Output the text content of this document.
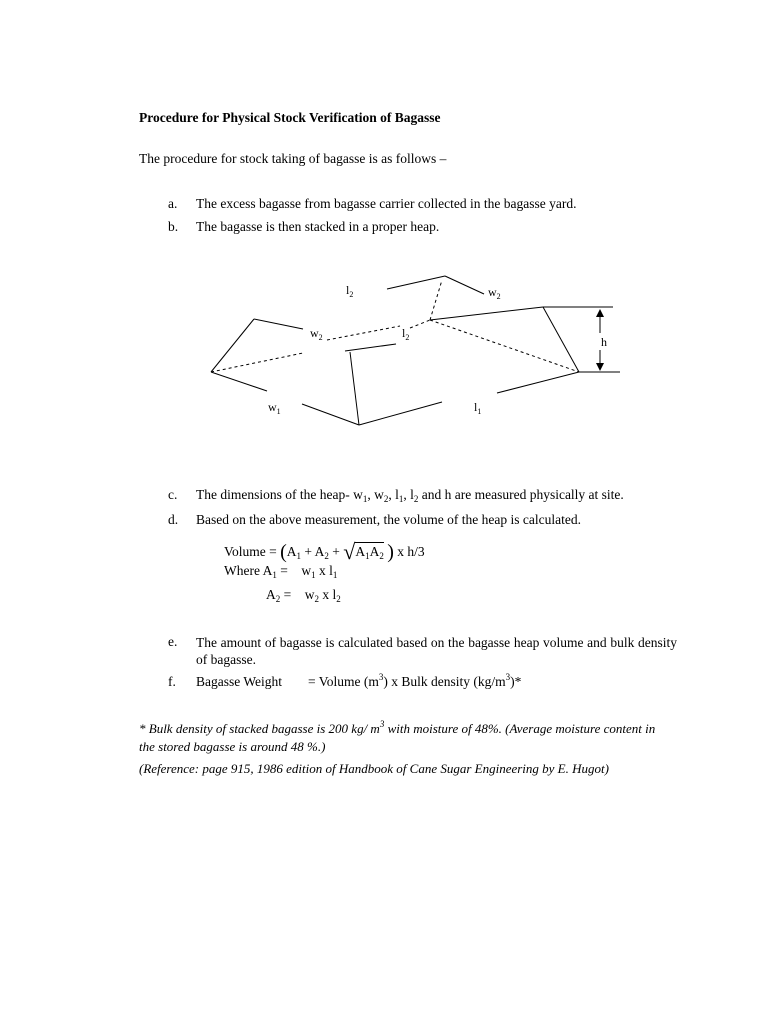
Procedure for Physical Stock Verification of Bagasse
The procedure for stock taking of bagasse is as follows –
a. The excess bagasse from bagasse carrier collected in the bagasse yard.
b. The bagasse is then stacked in a proper heap.
$l_2$	$w_2$
$w_2$	$l_2$	h
$w_1$	$l_1$
c. The dimensions of the heap- $w_1$, $w_2$, $l_1$, $l_2$ and h are measured physically at site.
d. Based on the above measurement, the volume of the heap is calculated.
Volume = ($A_1 + A_2 + √A_1A_2$ ) x h/3
Where $A_1$ =    $w_1$ x $l_1$
$A_2$ =    $w_2$ x $l_2$
e. The amount of bagasse is calculated based on the bagasse heap volume and bulk density of bagasse.
f. Bagasse Weight = Volume $(m^3)$ x Bulk density $(kg/m^3)*$
* Bulk density of stacked bagasse is 200 kg/ $m^3$ with moisture of 48%. (Average moisture content in the stored bagasse is around 48 %.)
(Reference: page 915, 1986 edition of Handbook of Cane Sugar Engineering by E. Hugot)
